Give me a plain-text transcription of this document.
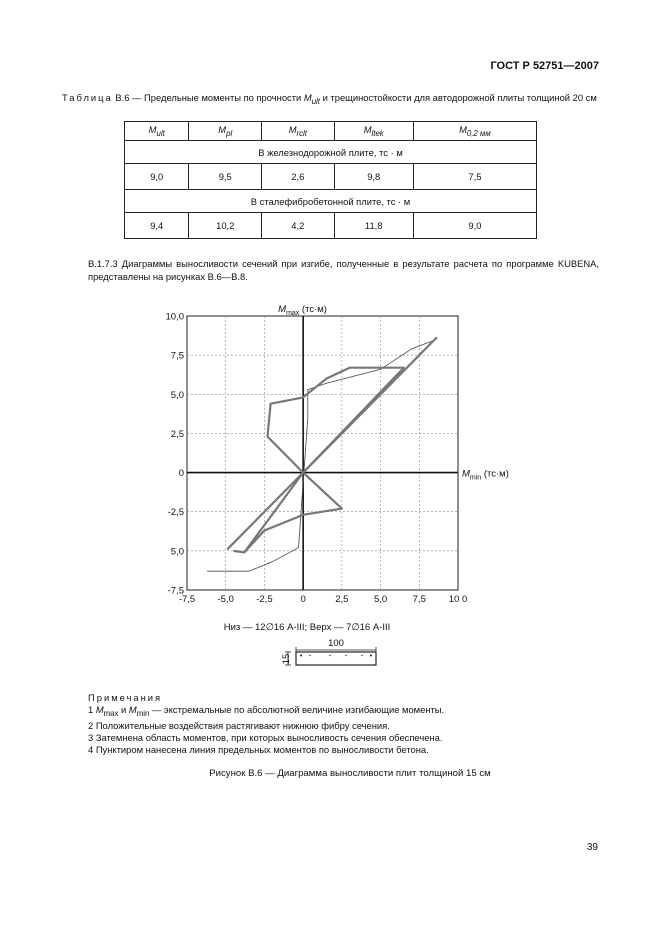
ГОСТ Р 52751—2007
Таблица В.6 — Предельные моменты по прочности $M_{ult}$ и трещиностойкости для автодорожной плиты толщиной 20 см
$M_{ult}$	$M_{pl}$	$M_{rclt}$	$M_{ltek}$	$M_{0,2 мм}$
В железнодорожной плите, тс · м				
9,0	9,5	2,6	9,8	7,5
В сталефибробетонной плите, тс · м				
9,4	10,2	4,2	11,8	9,0
В.1.7.3 Диаграммы выносливости сечений при изгибе, полученные в результате расчета по программе KUBENA, представлены на рисунках В.6—В.8.
-7,5 -5,0 -2,5	0	2,5	5,0	7,5 10 0
10,0
7,5
5,0
2,5
0
-2,5
5,0
-7,5
$M_{max}$ (тс·м)
$M_{min}$ (тс·м)
Низ — 12∅16 А-III; Верх — 7∅16 А-III
100
15
Примечания
1 $M_{max}$ и $M_{min}$ — экстремальные по абсолютной величине изгибающие моменты.
2 Положительные воздействия растягивают нижнюю фибру сечения.
3 Затемнена область моментов, при которых выносливость сечения обеспечена.
4 Пунктиром нанесена линия предельных моментов по выносливости бетона.
Рисунок В.6 — Диаграмма выносливости плит толщиной 15 см
39
